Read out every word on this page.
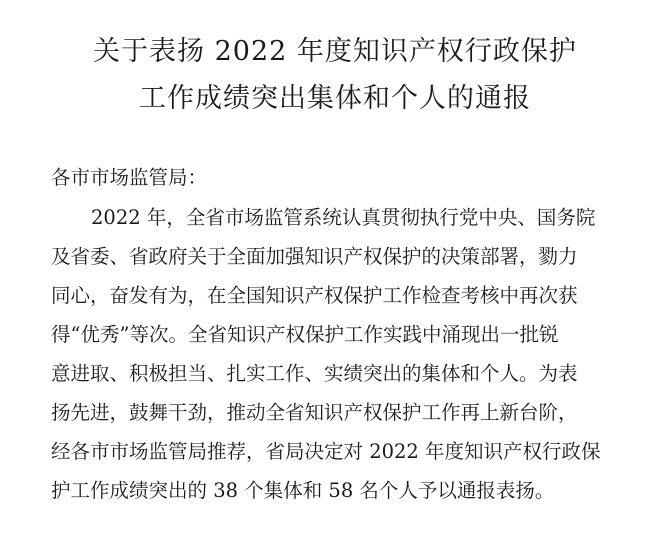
关于表扬 2022 年度知识产权行政保护
工作成绩突出集体和个人的通报
各市市场监管局：
2022 年，全省市场监管系统认真贯彻执行党中央、国务院
及省委、省政府关于全面加强知识产权保护的决策部署，勠力
同心，奋发有为，在全国知识产权保护工作检查考核中再次获
得“优秀”等次。全省知识产权保护工作实践中涌现出一批锐
意进取、积极担当、扎实工作、实绩突出的集体和个人。为表
扬先进，鼓舞干劲，推动全省知识产权保护工作再上新台阶，
经各市市场监管局推荐，省局决定对 2022 年度知识产权行政保
护工作成绩突出的 38 个集体和 58 名个人予以通报表扬。
